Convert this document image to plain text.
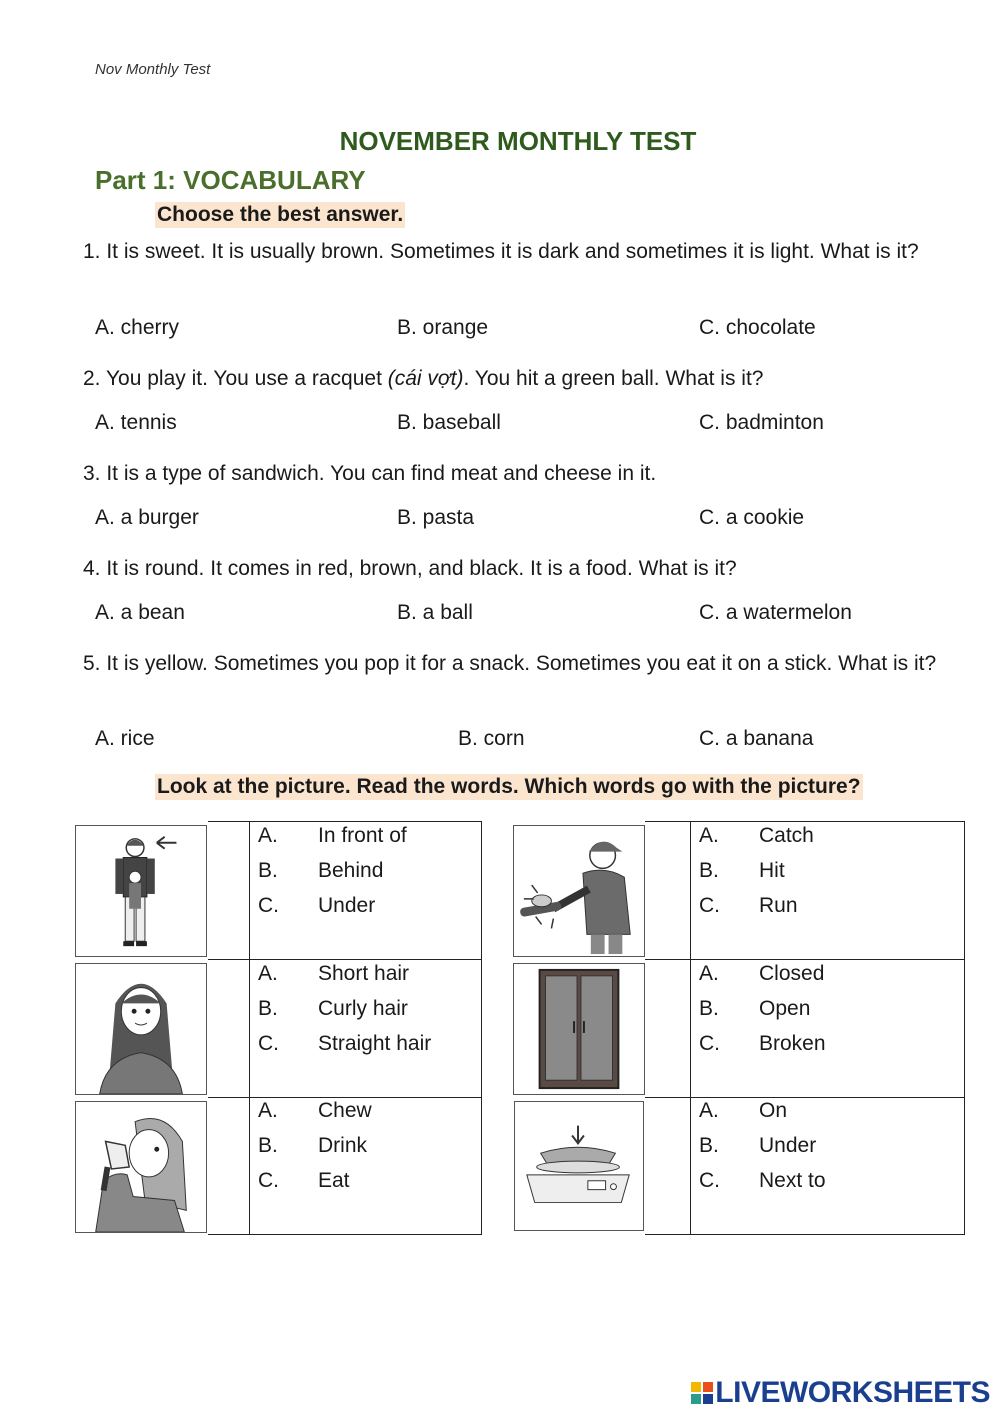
Nov Monthly Test
NOVEMBER MONTHLY TEST
Part 1: VOCABULARY
Choose the best answer.
1. It is sweet. It is usually brown. Sometimes it is dark and sometimes it is light. What is it?
A. cherry	B. orange	C. chocolate
2. You play it. You use a racquet (cái vợt). You hit a green ball. What is it?
A. tennis	B. baseball	C. badminton
3. It is a type of sandwich. You can find meat and cheese in it.
A. a burger	B. pasta	C. a cookie
4. It is round. It comes in red, brown, and black. It is a food. What is it?
A. a bean	B. a ball	C. a watermelon
5. It is yellow. Sometimes you pop it for a snack. Sometimes you eat it on a stick. What is it?
A. rice	B. corn	C. a banana
Look at the picture. Read the words. Which words go with the picture?
A. In front of
B. Behind
C. Under
A. Catch
B. Hit
C. Run
A. Short hair
B. Curly hair
C. Straight hair
A. Closed
B. Open
C. Broken
A. Chew
B. Drink
C. Eat
A. On
B. Under
C. Next to
LIVEWORKSHEETS
